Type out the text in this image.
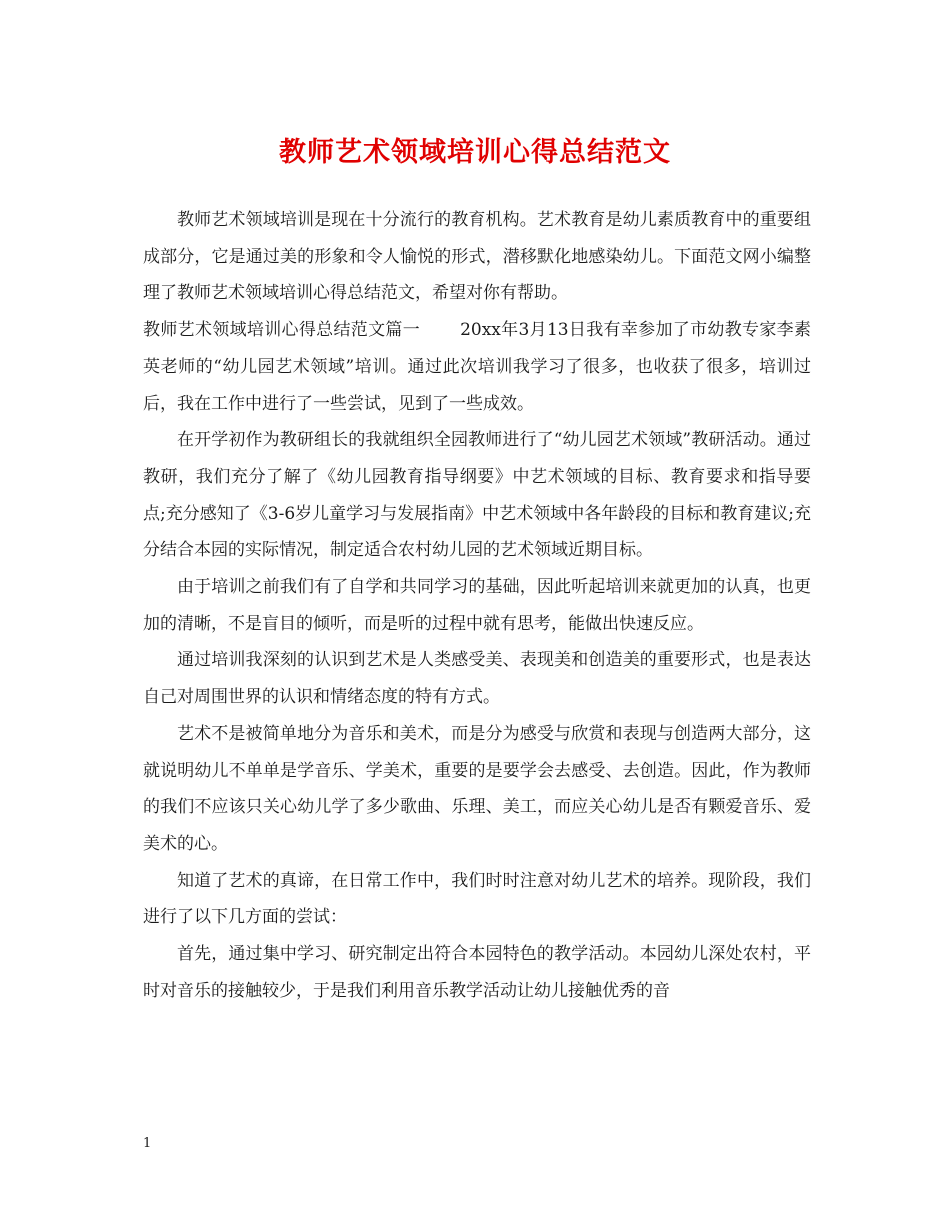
教师艺术领域培训心得总结范文

教师艺术领域培训是现在十分流行的教育机构。艺术教育是幼儿素质教育中的重要组成部分，它是通过美的形象和令人愉悦的形式，潜移默化地感染幼儿。下面范文网小编整理了教师艺术领域培训心得总结范文，希望对你有帮助。

教师艺术领域培训心得总结范文篇一 20xx年3月13日我有幸参加了市幼教专家李素英老师的“幼儿园艺术领域”培训。通过此次培训我学习了很多，也收获了很多，培训过后，我在工作中进行了一些尝试，见到了一些成效。

在开学初作为教研组长的我就组织全园教师进行了“幼儿园艺术领域”教研活动。通过教研，我们充分了解了《幼儿园教育指导纲要》中艺术领域的目标、教育要求和指导要点;充分感知了《3-6岁儿童学习与发展指南》中艺术领域中各年龄段的目标和教育建议;充分结合本园的实际情况，制定适合农村幼儿园的艺术领域近期目标。

由于培训之前我们有了自学和共同学习的基础，因此听起培训来就更加的认真，也更加的清晰，不是盲目的倾听，而是听的过程中就有思考，能做出快速反应。

通过培训我深刻的认识到艺术是人类感受美、表现美和创造美的重要形式，也是表达自己对周围世界的认识和情绪态度的特有方式。

艺术不是被简单地分为音乐和美术，而是分为感受与欣赏和表现与创造两大部分，这就说明幼儿不单单是学音乐、学美术，重要的是要学会去感受、去创造。因此，作为教师的我们不应该只关心幼儿学了多少歌曲、乐理、美工，而应关心幼儿是否有颗爱音乐、爱美术的心。

知道了艺术的真谛，在日常工作中，我们时时注意对幼儿艺术的培养。现阶段，我们进行了以下几方面的尝试：

首先，通过集中学习、研究制定出符合本园特色的教学活动。本园幼儿深处农村，平时对音乐的接触较少，于是我们利用音乐教学活动让幼儿接触优秀的音

1
